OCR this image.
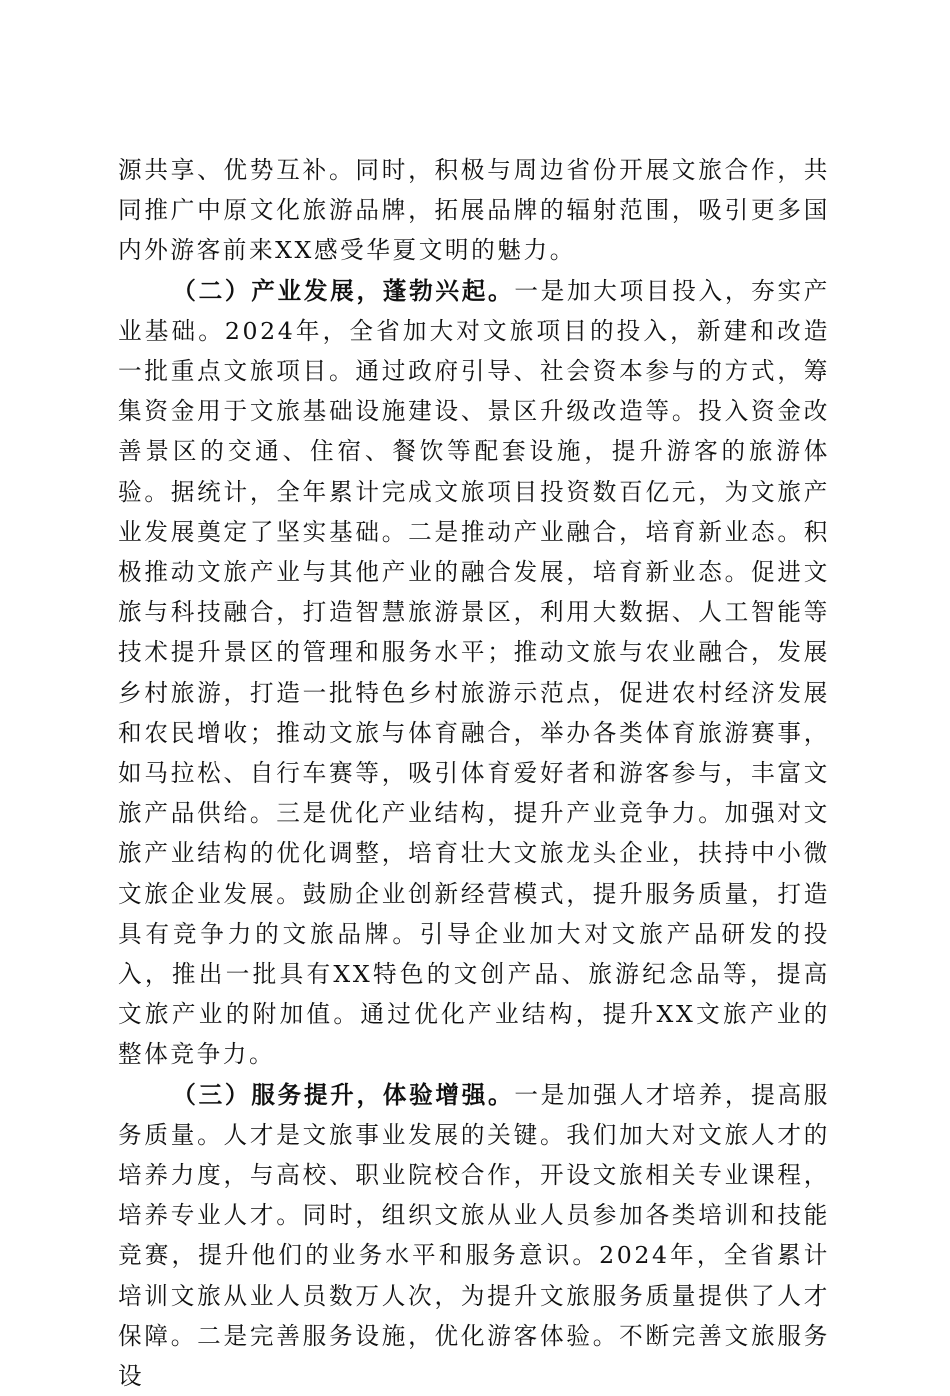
源共享、优势互补。同时，积极与周边省份开展文旅合作，共同推广中原文化旅游品牌，拓展品牌的辐射范围，吸引更多国内外游客前来XX感受华夏文明的魅力。

（二）产业发展，蓬勃兴起。一是加大项目投入，夯实产业基础。2024年，全省加大对文旅项目的投入，新建和改造一批重点文旅项目。通过政府引导、社会资本参与的方式，筹集资金用于文旅基础设施建设、景区升级改造等。投入资金改善景区的交通、住宿、餐饮等配套设施，提升游客的旅游体验。据统计，全年累计完成文旅项目投资数百亿元，为文旅产业发展奠定了坚实基础。二是推动产业融合，培育新业态。积极推动文旅产业与其他产业的融合发展，培育新业态。促进文旅与科技融合，打造智慧旅游景区，利用大数据、人工智能等技术提升景区的管理和服务水平；推动文旅与农业融合，发展乡村旅游，打造一批特色乡村旅游示范点，促进农村经济发展和农民增收；推动文旅与体育融合，举办各类体育旅游赛事，如马拉松、自行车赛等，吸引体育爱好者和游客参与，丰富文旅产品供给。三是优化产业结构，提升产业竞争力。加强对文旅产业结构的优化调整，培育壮大文旅龙头企业，扶持中小微文旅企业发展。鼓励企业创新经营模式，提升服务质量，打造具有竞争力的文旅品牌。引导企业加大对文旅产品研发的投入，推出一批具有XX特色的文创产品、旅游纪念品等，提高文旅产业的附加值。通过优化产业结构，提升XX文旅产业的整体竞争力。

（三）服务提升，体验增强。一是加强人才培养，提高服务质量。人才是文旅事业发展的关键。我们加大对文旅人才的培养力度，与高校、职业院校合作，开设文旅相关专业课程，培养专业人才。同时，组织文旅从业人员参加各类培训和技能竞赛，提升他们的业务水平和服务意识。2024年，全省累计培训文旅从业人员数万人次，为提升文旅服务质量提供了人才保障。二是完善服务设施，优化游客体验。不断完善文旅服务设
